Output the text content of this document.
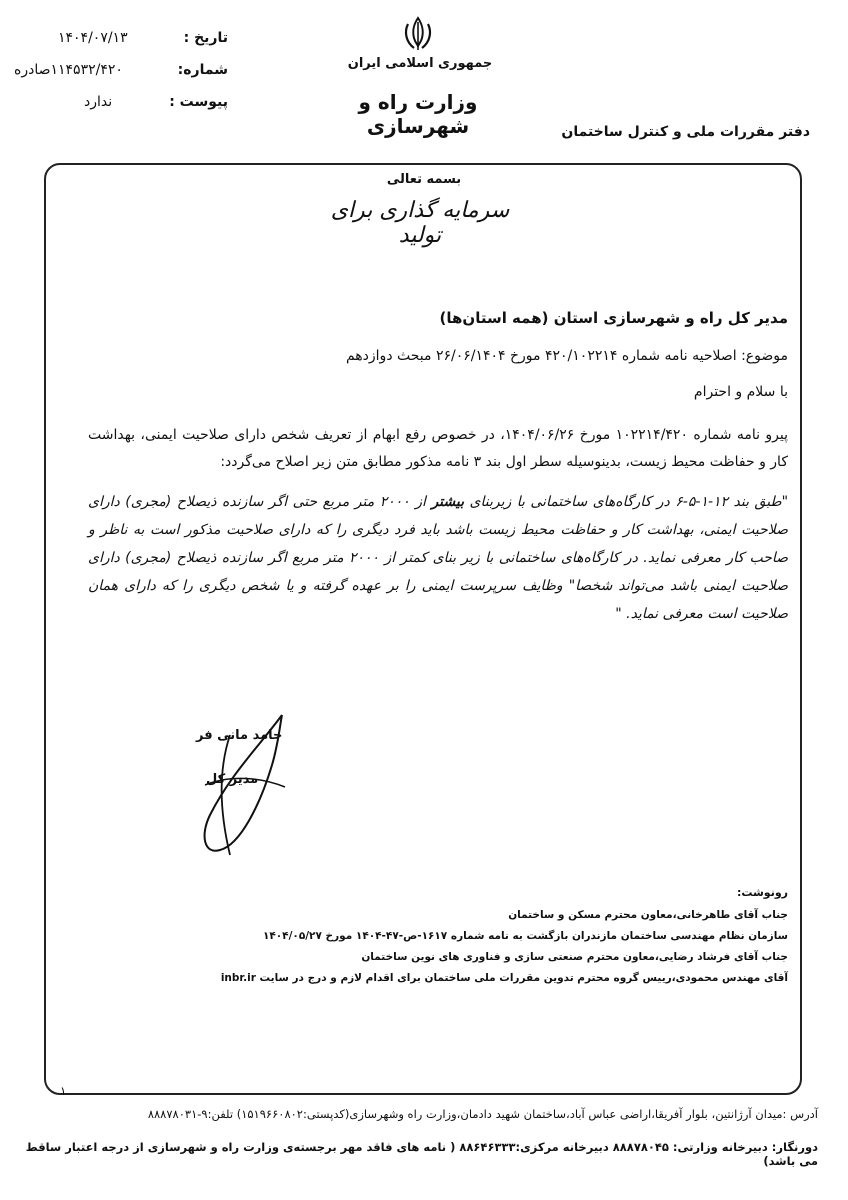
جمهوری اسلامی ایران
وزارت راه و شهرسازی	دفتر مقررات ملی و کنترل ساختمان
تاریخ :
۱۴۰۴/۰۷/۱۳
شماره:
۱۱۴۵۳۲/۴۲۰صادره
پیوست :
ندارد
بسمه تعالی
سرمایه گذاری برای تولید
مدیر کل راه و شهرسازی استان (همه استان‌ها)
موضوع: اصلاحیه نامه شماره ۴۲۰/۱۰۲۲۱۴ مورخ ۲۶/۰۶/۱۴۰۴ مبحث دوازدهم
با سلام و احترام
پیرو نامه شماره ۱۰۲۲۱۴/۴۲۰ مورخ ۱۴۰۴/۰۶/۲۶، در خصوص رفع ابهام از تعریف شخص دارای صلاحیت ایمنی، بهداشت کار و حفاظت محیط زیست، بدینوسیله سطر اول بند ۳ نامه مذکور مطابق متن زیر اصلاح می‌گردد:
"طبق بند ۱۲-۱-۵-۶ در کارگاه‌های ساختمانی با زیربنای بیشتر از ۲۰۰۰ متر مربع حتی اگر سازنده ذیصلاح (مجری) دارای صلاحیت ایمنی، بهداشت کار و حفاظت محیط زیست باشد باید فرد دیگری را که دارای صلاحیت مذکور است به ناظر و صاحب کار معرفی نماید. در کارگاه‌های ساختمانی با زیر بنای کمتر از ۲۰۰۰ متر مربع اگر سازنده ذیصلاح (مجری) دارای صلاحیت ایمنی باشد می‌تواند شخصا" وظایف سرپرست ایمنی را بر عهده گرفته و یا شخص دیگری را که دارای همان صلاحیت است معرفی نماید. "
حامد مانی فر
مدیر کل
رونوشت:
جناب آقای طاهرخانی،معاون محترم مسکن و ساختمان
سازمان نظام مهندسی ساختمان مازندران بازگشت به نامه شماره ۱۶۱۷-ص-۴۷-۱۴۰۴ مورخ ۱۴۰۴/۰۵/۲۷
جناب آقای فرشاد رضایی،معاون محترم صنعتی سازی و فناوری های نوین ساختمان
آقای مهندس محمودی،رییس گروه محترم تدوین مقررات ملی ساختمان برای اقدام لازم و درج در سایت inbr.ir
۱
آدرس :میدان آرژانتین، بلوار آفریقا،اراضی عباس آباد،ساختمان شهید دادمان،وزارت راه وشهرسازی(کدپستی:۱۵۱۹۶۶۰۸۰۲) تلفن:۹-۸۸۸۷۸۰۳۱
دورنگار: دبیرخانه وزارتی: ۸۸۸۷۸۰۴۵ دبیرخانه مرکزی:۸۸۶۴۶۳۳۳ ( نامه های فاقد مهر برجسته‌ی وزارت راه و شهرسازی از درجه اعتبار ساقط می باشد)
